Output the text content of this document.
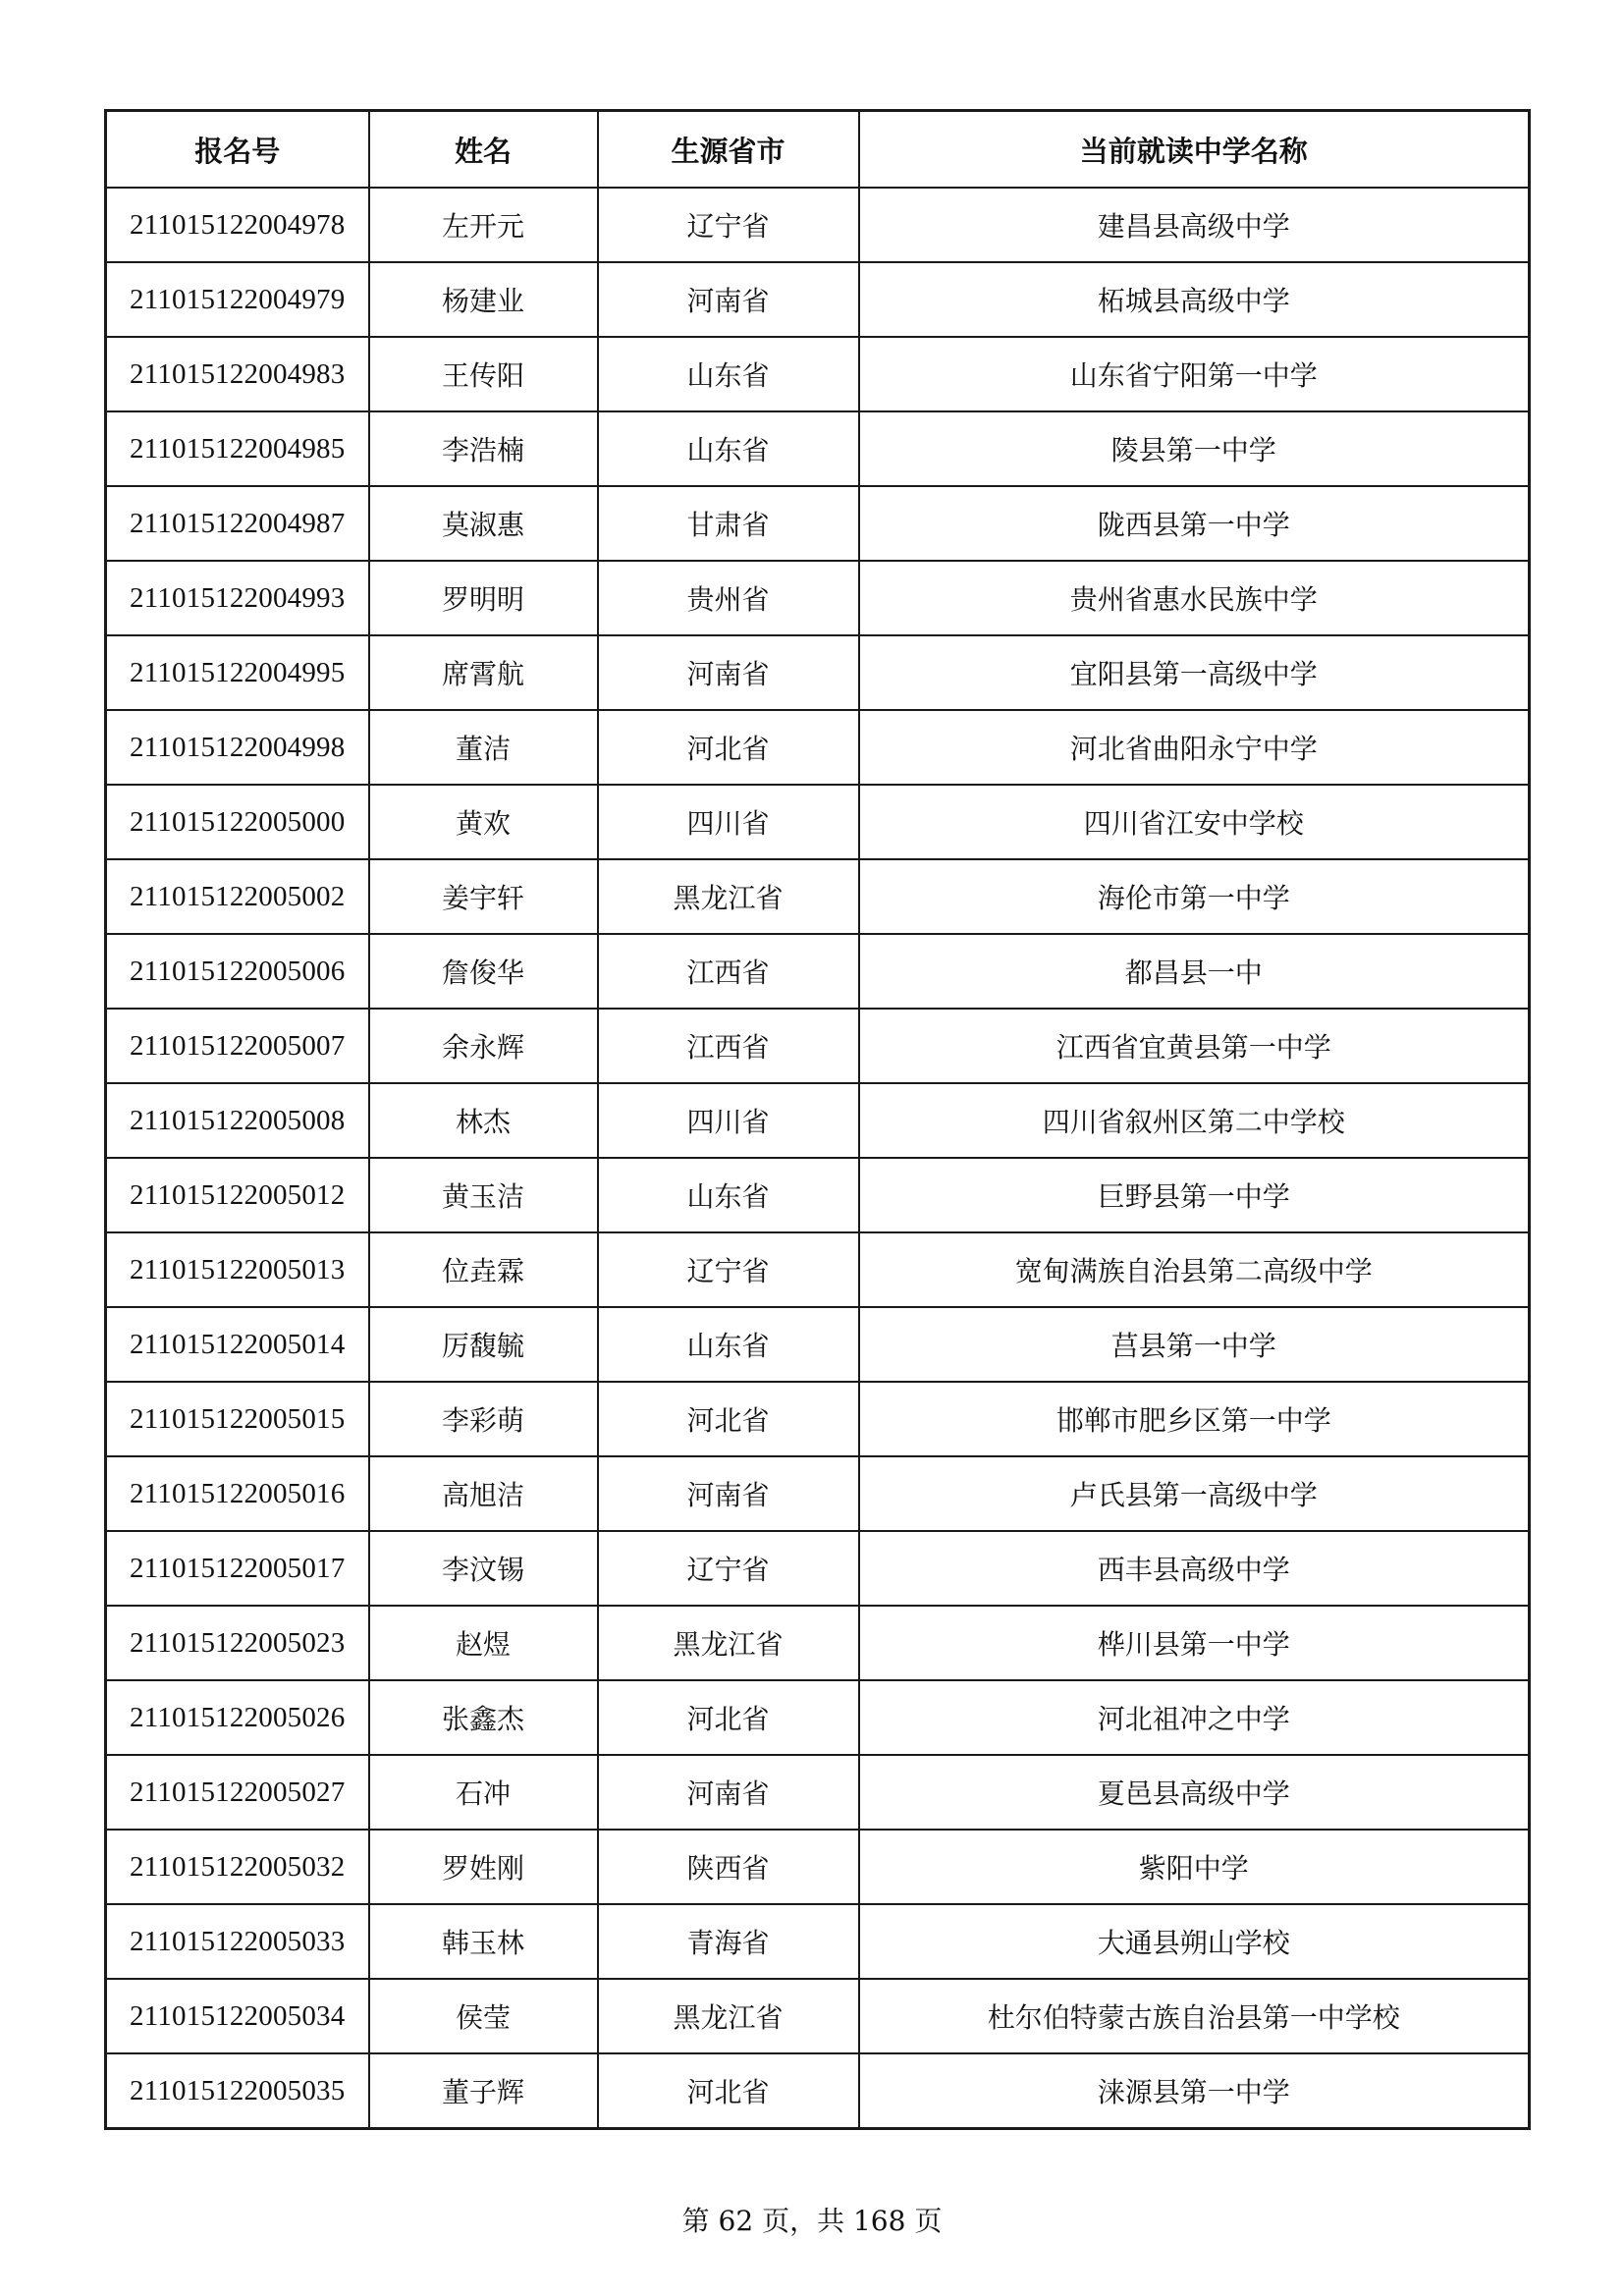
报名号	姓名	生源省市	当前就读中学名称
211015122004978	左开元	辽宁省	建昌县高级中学
211015122004979	杨建业	河南省	柘城县高级中学
211015122004983	王传阳	山东省	山东省宁阳第一中学
211015122004985	李浩楠	山东省	陵县第一中学
211015122004987	莫淑惠	甘肃省	陇西县第一中学
211015122004993	罗明明	贵州省	贵州省惠水民族中学
211015122004995	席霄航	河南省	宜阳县第一高级中学
211015122004998	董洁	河北省	河北省曲阳永宁中学
211015122005000	黄欢	四川省	四川省江安中学校
211015122005002	姜宇轩	黑龙江省	海伦市第一中学
211015122005006	詹俊华	江西省	都昌县一中
211015122005007	余永辉	江西省	江西省宜黄县第一中学
211015122005008	林杰	四川省	四川省叙州区第二中学校
211015122005012	黄玉洁	山东省	巨野县第一中学
211015122005013	位垚霖	辽宁省	宽甸满族自治县第二高级中学
211015122005014	厉馥毓	山东省	莒县第一中学
211015122005015	李彩萌	河北省	邯郸市肥乡区第一中学
211015122005016	高旭洁	河南省	卢氏县第一高级中学
211015122005017	李汶锡	辽宁省	西丰县高级中学
211015122005023	赵煜	黑龙江省	桦川县第一中学
211015122005026	张鑫杰	河北省	河北祖冲之中学
211015122005027	石冲	河南省	夏邑县高级中学
211015122005032	罗姓刚	陕西省	紫阳中学
211015122005033	韩玉林	青海省	大通县朔山学校
211015122005034	侯莹	黑龙江省	杜尔伯特蒙古族自治县第一中学校
211015122005035	董子辉	河北省	涞源县第一中学
第 62 页，共 168 页
